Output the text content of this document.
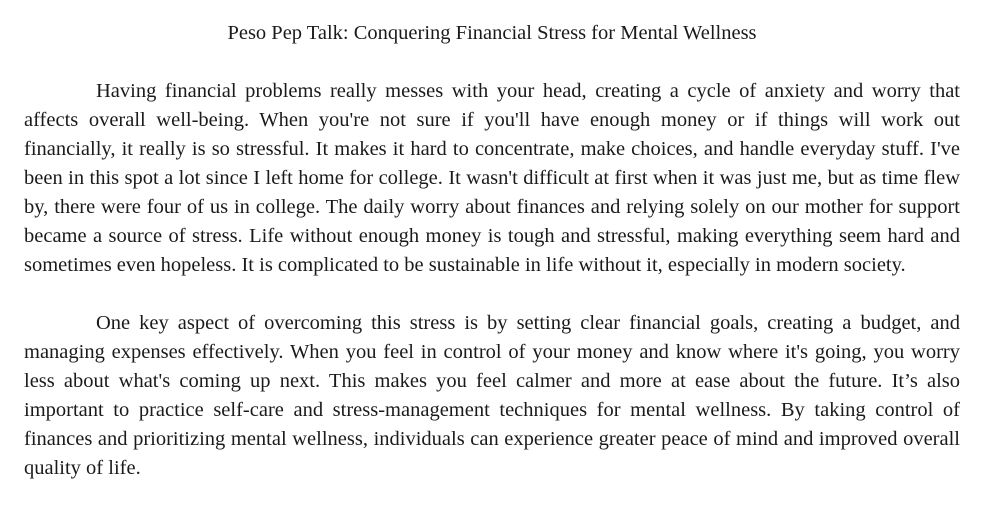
Peso Pep Talk: Conquering Financial Stress for Mental Wellness

Having financial problems really messes with your head, creating a cycle of anxiety and worry that affects overall well-being. When you're not sure if you'll have enough money or if things will work out financially, it really is so stressful. It makes it hard to concentrate, make choices, and handle everyday stuff. I've been in this spot a lot since I left home for college. It wasn't difficult at first when it was just me, but as time flew by, there were four of us in college. The daily worry about finances and relying solely on our mother for support became a source of stress. Life without enough money is tough and stressful, making everything seem hard and sometimes even hopeless. It is complicated to be sustainable in life without it, especially in modern society.

One key aspect of overcoming this stress is by setting clear financial goals, creating a budget, and managing expenses effectively. When you feel in control of your money and know where it's going, you worry less about what's coming up next. This makes you feel calmer and more at ease about the future. It’s also important to practice self-care and stress-management techniques for mental wellness. By taking control of finances and prioritizing mental wellness, individuals can experience greater peace of mind and improved overall quality of life.
